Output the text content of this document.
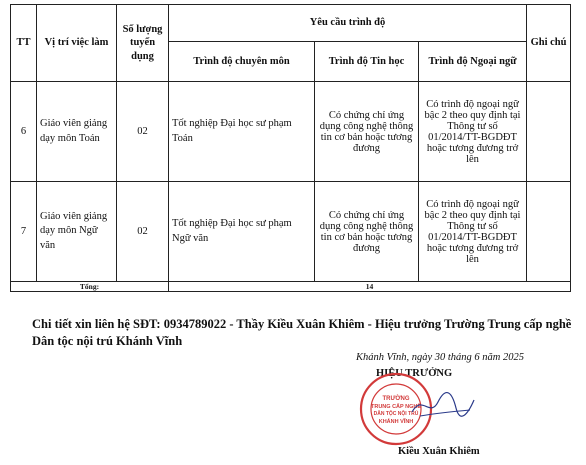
TT	Vị trí việc làm	Số lượng tuyển dụng	Yêu cầu trình độ			Ghi chú
			Trình độ chuyên môn	Trình độ Tin học	Trình độ Ngoại ngữ	
6	Giáo viên giảng dạy môn Toán	02	Tốt nghiệp Đại học sư phạm Toán	Có chứng chỉ ứng dụng công nghệ thông tin cơ bản hoặc tương đương	Có trình độ ngoại ngữ bậc 2 theo quy định tại Thông tư số 01/2014/TT-BGDĐT hoặc tương đương trở lên	
7	Giáo viên giảng dạy môn Ngữ văn	02	Tốt nghiệp Đại học sư phạm Ngữ văn	Có chứng chỉ ứng dụng công nghệ thông tin cơ bản hoặc tương đương	Có trình độ ngoại ngữ bậc 2 theo quy định tại Thông tư số 01/2014/TT-BGDĐT hoặc tương đương trở lên	
Tổng:			14			
Chi tiết xin liên hệ SĐT: 0934789022 - Thầy Kiều Xuân Khiêm - Hiệu trưởng Trường Trung cấp nghề Dân tộc nội trú Khánh Vĩnh
Khánh Vĩnh, ngày 30 tháng 6 năm 2025
HIỆU TRƯỞNG
TRƯỜNG
TRUNG CẤP NGHỀ
DÂN TỘC NỘI TRÚ
KHÁNH VĨNH
Kiều Xuân Khiêm
